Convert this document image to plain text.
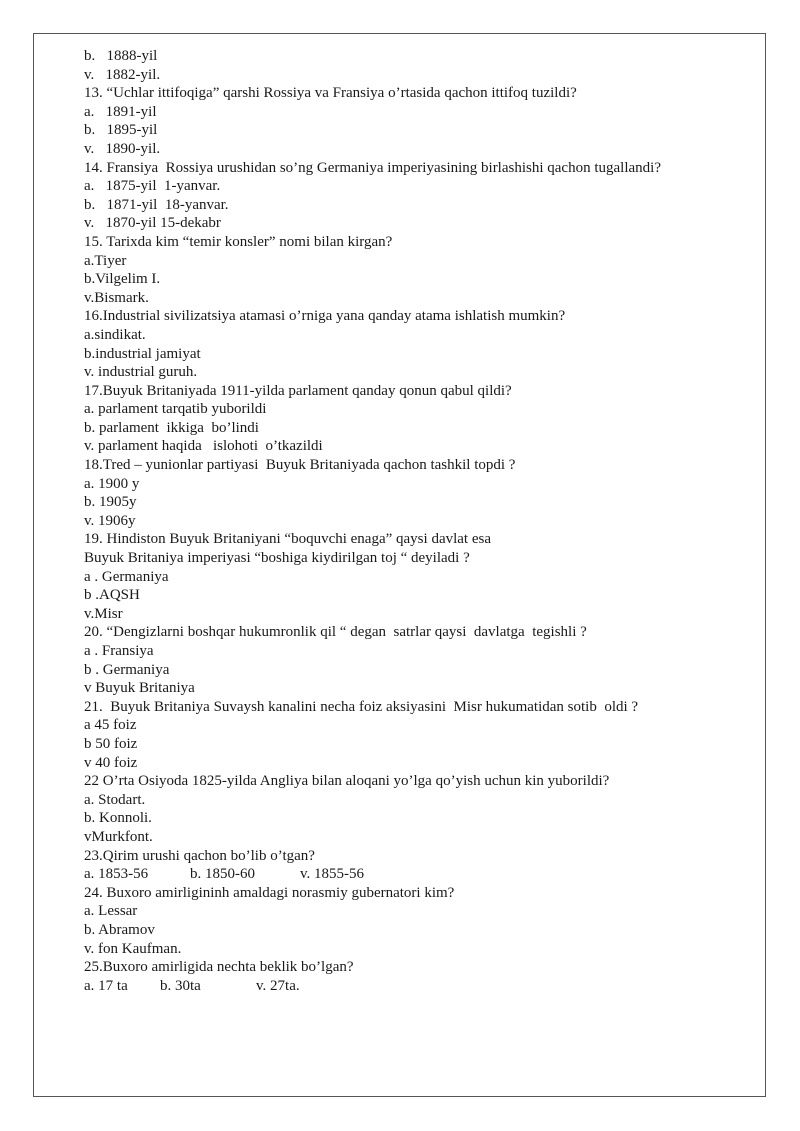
b.   1888-yil
v.   1882-yil.
13. “Uchlar ittifoqiga” qarshi Rossiya va Fransiya o’rtasida qachon ittifoq tuzildi?
a.   1891-yil
b.   1895-yil
v.   1890-yil.
14. Fransiya  Rossiya urushidan so’ng Germaniya imperiyasining birlashishi qachon tugallandi?
a.   1875-yil  1-yanvar.
b.   1871-yil  18-yanvar.
v.   1870-yil 15-dekabr
15. Tarixda kim “temir konsler” nomi bilan kirgan?
a.Tiyer
b.Vilgelim I.
v.Bismark.
16.Industrial sivilizatsiya atamasi o’rniga yana qanday atama ishlatish mumkin?
a.sindikat.
b.industrial jamiyat
v. industrial guruh.
17.Buyuk Britaniyada 1911-yilda parlament qanday qonun qabul qildi?
a. parlament tarqatib yuborildi
b. parlament  ikkiga  bo’lindi
v. parlament haqida   islohoti  o’tkazildi
18.Tred – yunionlar partiyasi  Buyuk Britaniyada qachon tashkil topdi ?
a. 1900 y
b. 1905y
v. 1906y
19. Hindiston Buyuk Britaniyani “boquvchi enaga” qaysi davlat esa
Buyuk Britaniya imperiyasi “boshiga kiydirilgan toj “ deyiladi ?
a . Germaniya
b .AQSH
v.Misr
20. “Dengizlarni boshqar hukumronlik qil “ degan  satrlar qaysi  davlatga  tegishli ?
a . Fransiya
b . Germaniya
v Buyuk Britaniya
21.  Buyuk Britaniya Suvaysh kanalini necha foiz aksiyasini  Misr hukumatidan sotib  oldi ?
a 45 foiz
b 50 foiz
v 40 foiz
22 O’rta Osiyoda 1825-yilda Angliya bilan aloqani yo’lga qo’yish uchun kin yuborildi?
a. Stodart.
b. Konnoli.
vMurkfont.
23.Qirim urushi qachon bo’lib o’tgan?

a. 1853-56

	b. 1850-60

	v. 1855-56

24. Buxoro amirligininh amaldagi norasmiy gubernatori kim?
a. Lessar
b. Abramov
v. fon Kaufman.
25.Buxoro amirligida nechta beklik bo’lgan?

a. 17 ta

b. 30ta

	v. 27ta.
